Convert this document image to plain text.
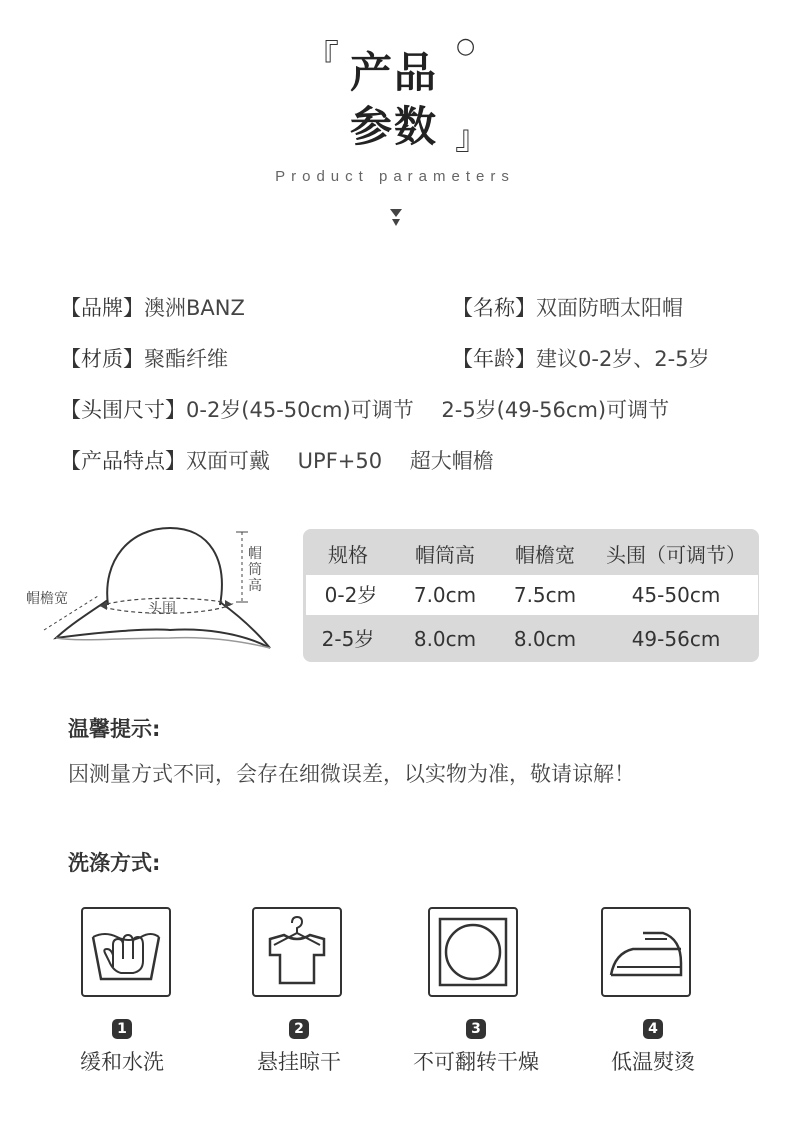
『 产品
○
参数 』
Product parameters
【品牌】澳洲BANZ	【名称】双面防晒太阳帽
【材质】聚酯纤维	【年龄】建议0-2岁、2-5岁
【头围尺寸】0-2岁(45-50cm)可调节　 2-5岁(49-56cm)可调节
【产品特点】双面可戴　 UPF+50　 超大帽檐
帽筒高
帽檐宽
头围
规格	帽筒高	帽檐宽	头围（可调节）
0-2岁	7.0cm	7.5cm	45-50cm
2-5岁	8.0cm	8.0cm	49-56cm
温馨提示:
因测量方式不同，会存在细微误差，以实物为准，敬请谅解！
洗涤方式:
1	2	3	4
缓和水洗	悬挂晾干	不可翻转干燥	低温熨烫
